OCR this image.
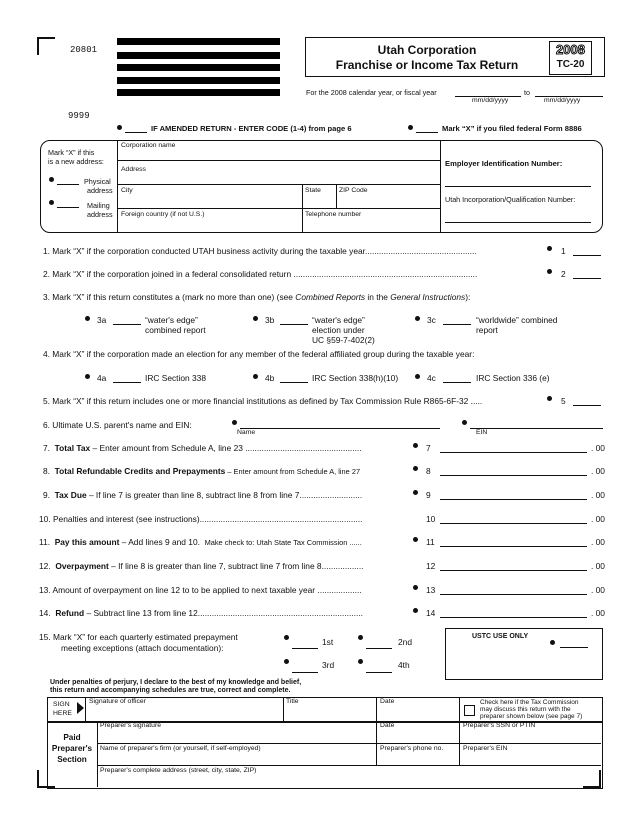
20801
9999
Utah Corporation
Franchise or Income Tax Return
2008
TC-20
For the 2008 calendar year, or fiscal year	to
mm/dd/yyyy	mm/dd/yyyy
IF AMENDED RETURN - ENTER CODE (1-4) from page 6	Mark “X” if you filed federal Form 8886
Mark “X” if this
is a new address:
Physical
address
Mailing
address
Corporation name
Address
City	State	ZIP Code
Foreign country (if not U.S.)	Telephone number
Employer Identification Number:
Utah Incorporation/Qualification Number:
1. Mark “X” if the corporation conducted UTAH business activity during the taxable year................................................	1
2. Mark “X” if the corporation joined in a federal consolidated return ...............................................................................	2
3. Mark “X” if this return constitutes a (mark no more than one) (see Combined Reports in the General Instructions):
3a	“water's edge”
combined report
3b	“water's edge”
election under
UC §59-7-402(2)
3c	“worldwide” combined
report
4. Mark “X” if the corporation made an election for any member of the federal affiliated group during the taxable year:
4a	IRC Section 338	4b	IRC Section 338(h)(10)	4c	IRC Section 336 (e)
5. Mark “X” if this return includes one or more financial institutions as defined by Tax Commission Rule R865-6F-32 .....	5
6. Ultimate U.S. parent's name and EIN:
Name	EIN
7. Total Tax – Enter amount from Schedule A, line 23 ..................................................	7	. 00
8. Total Refundable Credits and Prepayments – Enter amount from Schedule A, line 27	8	. 00
9. Tax Due – If line 7 is greater than line 8, subtract line 8 from line 7...........................	9	. 00
10. Penalties and interest (see instructions)......................................................................	10	. 00
11. Pay this amount – Add lines 9 and 10. Make check to: Utah State Tax Commission ......	11	. 00
12. Overpayment – If line 8 is greater than line 7, subtract line 7 from line 8..................	12	. 00
13. Amount of overpayment on line 12 to to be applied to next taxable year ...................	13	. 00
14. Refund – Subtract line 13 from line 12.......................................................................	14	. 00
15. Mark “X” for each quarterly estimated prepayment
meeting exceptions (attach documentation):
1st	2nd
3rd	4th
USTC USE ONLY
Under penalties of perjury, I declare to the best of my knowledge and belief,
this return and accompanying schedules are true, correct and complete.
SIGN
HERE
Signature of officer	Title	Date	Check here if the Tax Commission
may discuss this return with the
preparer shown below (see page 7)
Paid
Preparer's
Section
Preparer's signature	Date	Preparer's SSN or PTIN
Name of preparer's firm (or yourself, if self-employed)	Preparer's phone no.	Preparer's EIN
Preparer's complete address (street, city, state, ZIP)
